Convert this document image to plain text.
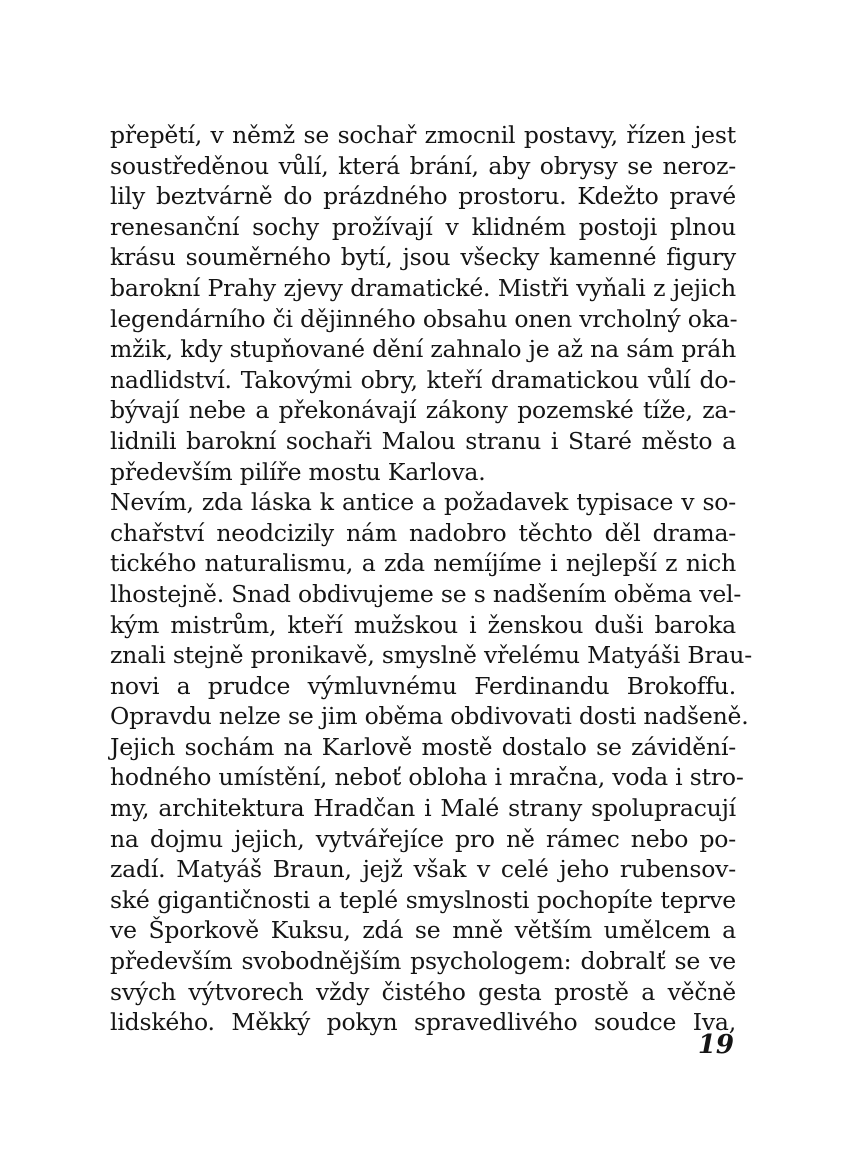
přepětí, v němž se sochař zmocnil postavy, řízen jest
soustředěnou vůlí, která brání, aby obrysy se neroz-
lily beztvárně do prázdného prostoru. Kdežto pravé
renesanční sochy prožívají v klidném postoji plnou
krásu souměrného bytí, jsou všecky kamenné figury
barokní Prahy zjevy dramatické. Mistři vyňali z jejich
legendárního či dějinného obsahu onen vrcholný oka-
mžik, kdy stupňované dění zahnalo je až na sám práh
nadlidství. Takovými obry, kteří dramatickou vůlí do-
bývají nebe a překonávají zákony pozemské tíže, za-
lidnili barokní sochaři Malou stranu i Staré město a
především pilíře mostu Karlova.
Nevím, zda láska k antice a požadavek typisace v so-
chařství neodcizily nám nadobro těchto děl drama-
tického naturalismu, a zda nemíjíme i nejlepší z nich
lhostejně. Snad obdivujeme se s nadšením oběma vel-
kým mistrům, kteří mužskou i ženskou duši baroka
znali stejně pronikavě, smyslně vřelému Matyáši Brau-
novi a prudce výmluvnému Ferdinandu Brokoffu.
Opravdu nelze se jim oběma obdivovati dosti nadšeně.
Jejich sochám na Karlově mostě dostalo se závidění-
hodného umístění, neboť obloha i mračna, voda i stro-
my, architektura Hradčan i Malé strany spolupracují
na dojmu jejich, vytvářejíce pro ně rámec nebo po-
zadí. Matyáš Braun, jejž však v celé jeho rubensov-
ské gigantičnosti a teplé smyslnosti pochopíte teprve
ve Šporkově Kuksu, zdá se mně větším umělcem a
především svobodnějším psychologem: dobralť se ve
svých výtvorech vždy čistého gesta prostě a věčně
lidského. Měkký pokyn spravedlivého soudce Iva,
19
